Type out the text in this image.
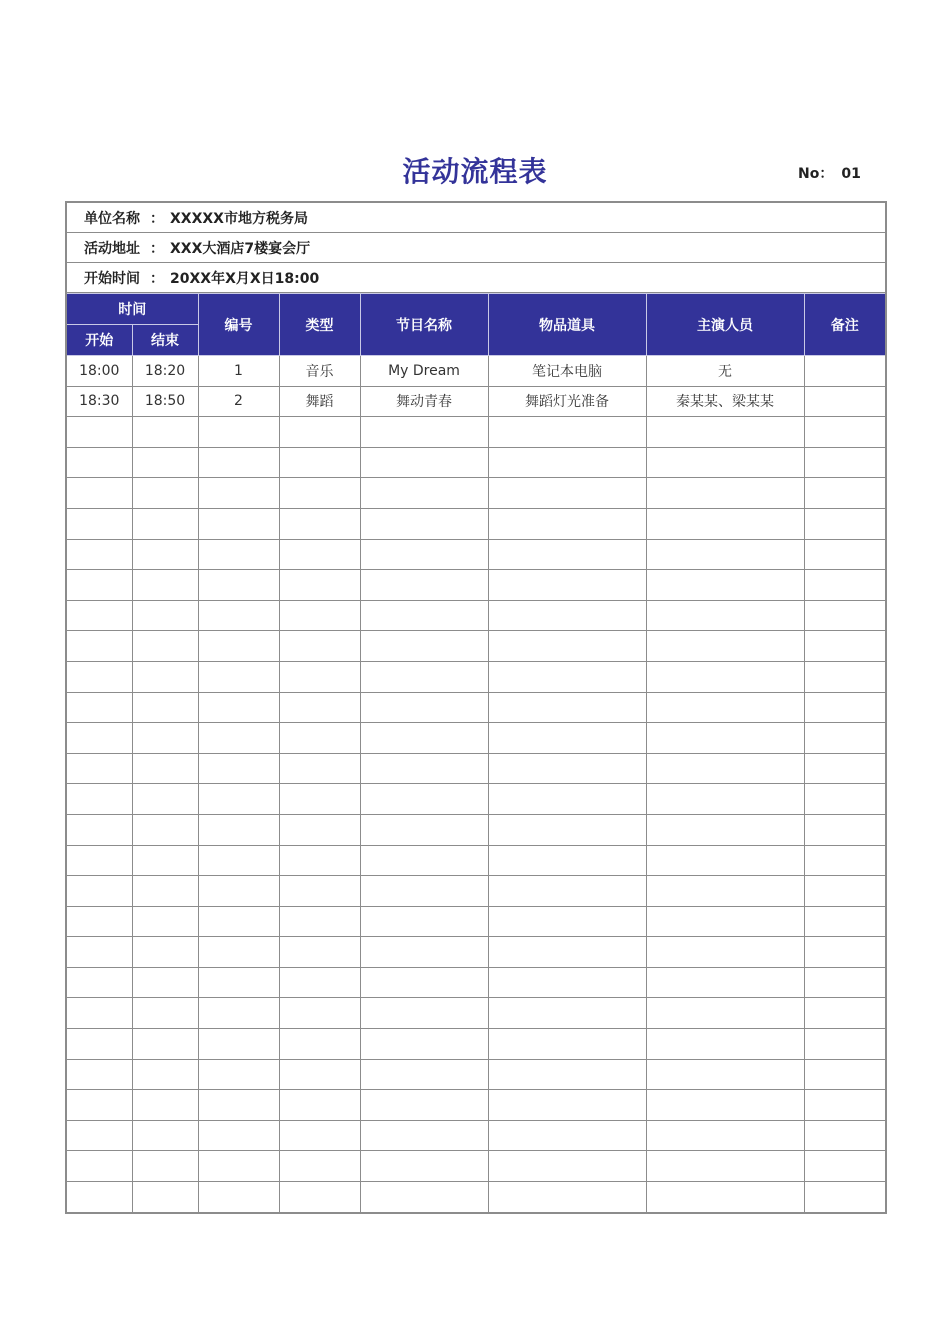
活动流程表	No： 01
单位名称 ： XXXXX市地方税务局
活动地址 ： XXX大酒店7楼宴会厅
开始时间 ： 20XX年X月X日18:00
时间		编号	类型	节目名称	物品道具	主演人员	备注
开始	结束						
18:00	18:20	1	音乐	My Dream	笔记本电脑	无	
18:30	18:50	2	舞蹈	舞动青春	舞蹈灯光准备	秦某某、梁某某	
